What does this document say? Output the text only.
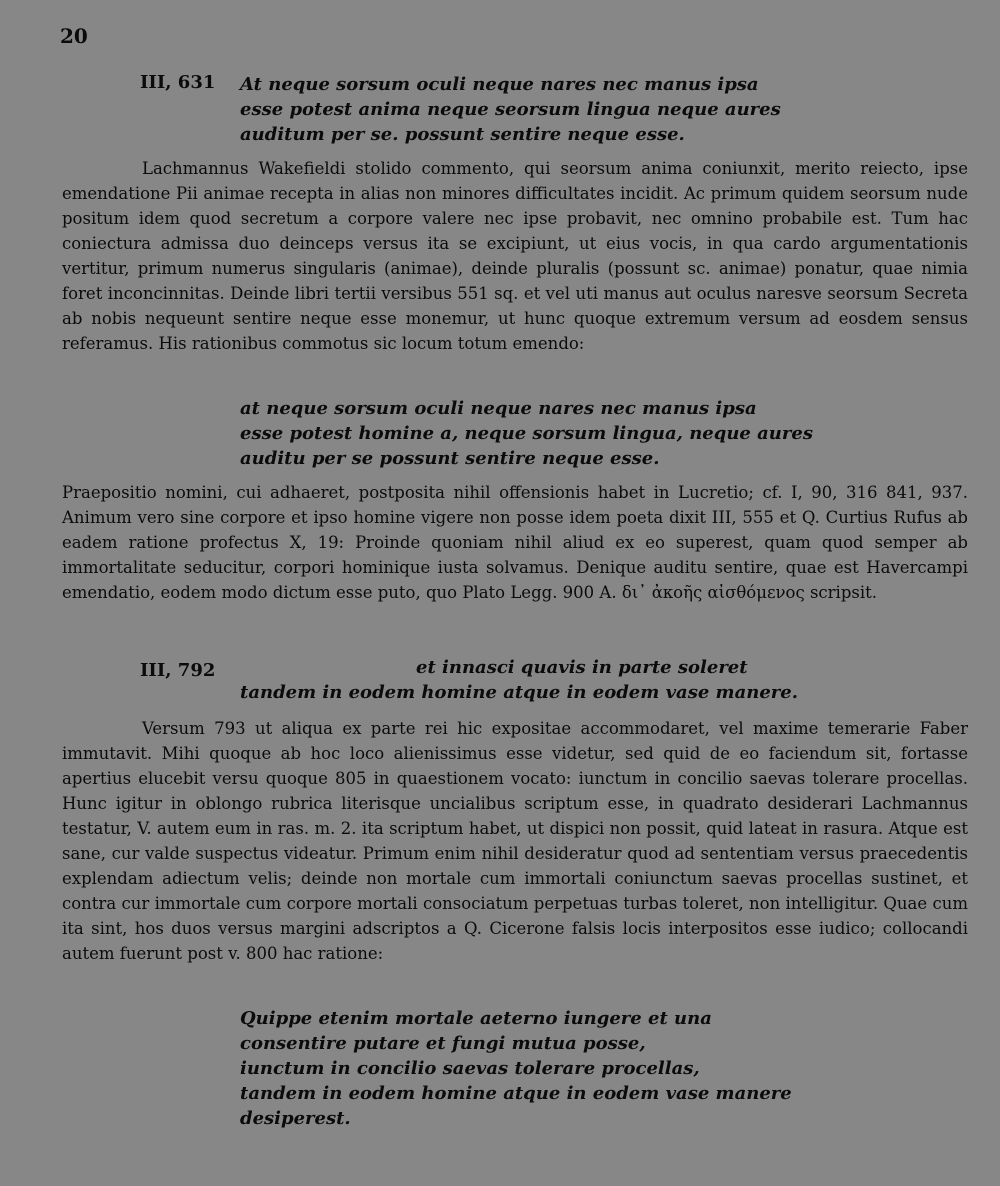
20
III, 631 At neque sorsum oculi neque nares nec manus ipsa
esse potest anima neque seorsum lingua neque aures
auditum per se. possunt sentire neque esse.

Lachmannus Wakefieldi stolido commento, qui seorsum anima coniunxit, merito reiecto, ipse emendatione Pii animae recepta in alias non minores difficultates incidit. Ac primum quidem seorsum nude positum idem quod secretum a corpore valere nec ipse probavit, nec omnino probabile est. Tum hac coniectura admissa duo deinceps versus ita se excipiunt, ut eius vocis, in qua cardo argumentationis vertitur, primum numerus singularis (animae), deinde pluralis (possunt sc. animae) ponatur, quae nimia foret inconcinnitas. Deinde libri tertii versibus 551 sq. et vel uti manus aut oculus naresve seorsum Secreta ab nobis nequeunt sentire neque esse monemur, ut hunc quoque extremum versum ad eosdem sensus referamus. His rationibus commotus sic locum totum emendo:

at neque sorsum oculi neque nares nec manus ipsa
esse potest homine a, neque sorsum lingua, neque aures
auditu per se possunt sentire neque esse.

Praepositio nomini, cui adhaeret, postposita nihil offensionis habet in Lucretio; cf. I, 90, 316 841, 937. Animum vero sine corpore et ipso homine vigere non posse idem poeta dixit III, 555 et Q. Curtius Rufus ab eadem ratione profectus X, 19: Proinde quoniam nihil aliud ex eo superest, quam quod semper ab immortalitate seducitur, corpori hominique iusta solvamus. Denique auditu sentire, quae est Havercampi emendatio, eodem modo dictum esse puto, quo Plato Legg. 900 A. δι᾽ ἀκοῆς αἰσθόμενος scripsit.

III, 792	et innasci quavis in parte soleret
tandem in eodem homine atque in eodem vase manere.

Versum 793 ut aliqua ex parte rei hic expositae accommodaret, vel maxime temerarie Faber immutavit. Mihi quoque ab hoc loco alienissimus esse videtur, sed quid de eo faciendum sit, fortasse apertius elucebit versu quoque 805 in quaestionem vocato: iunctum in concilio saevas tolerare procellas. Hunc igitur in oblongo rubrica literisque uncialibus scriptum esse, in quadrato desiderari Lachmannus testatur, V. autem eum in ras. m. 2. ita scriptum habet, ut dispici non possit, quid lateat in rasura. Atque est sane, cur valde suspectus videatur. Primum enim nihil desideratur quod ad sententiam versus praecedentis explendam adiectum velis; deinde non mortale cum immortali coniunctum saevas procellas sustinet, et contra cur immortale cum corpore mortali consociatum perpetuas turbas toleret, non intelligitur. Quae cum ita sint, hos duos versus margini adscriptos a Q. Cicerone falsis locis interpositos esse iudico; collocandi autem fuerunt post v. 800 hac ratione:

Quippe etenim mortale aeterno iungere et una
consentire putare et fungi mutua posse,
iunctum in concilio saevas tolerare procellas,
tandem in eodem homine atque in eodem vase manere
desiperest.
